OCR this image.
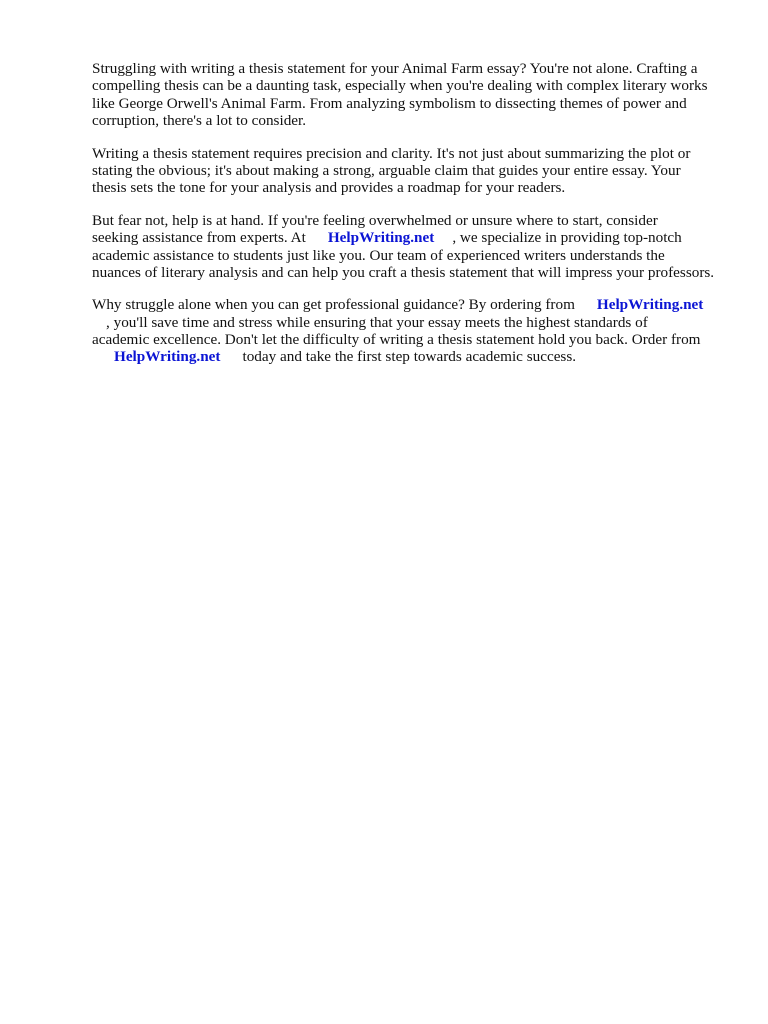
Struggling with writing a thesis statement for your Animal Farm essay? You're not alone. Crafting a
compelling thesis can be a daunting task, especially when you're dealing with complex literary works
like George Orwell's Animal Farm. From analyzing symbolism to dissecting themes of power and
corruption, there's a lot to consider.

Writing a thesis statement requires precision and clarity. It's not just about summarizing the plot or
stating the obvious; it's about making a strong, arguable claim that guides your entire essay. Your
thesis sets the tone for your analysis and provides a roadmap for your readers.

But fear not, help is at hand. If you're feeling overwhelmed or unsure where to start, consider
seeking assistance from experts. At HelpWriting.net , we specialize in providing top-notch
academic assistance to students just like you. Our team of experienced writers understands the
nuances of literary analysis and can help you craft a thesis statement that will impress your professors.

Why struggle alone when you can get professional guidance? By ordering from HelpWriting.net
, you'll save time and stress while ensuring that your essay meets the highest standards of
academic excellence. Don't let the difficulty of writing a thesis statement hold you back. Order from
HelpWriting.net today and take the first step towards academic success.
